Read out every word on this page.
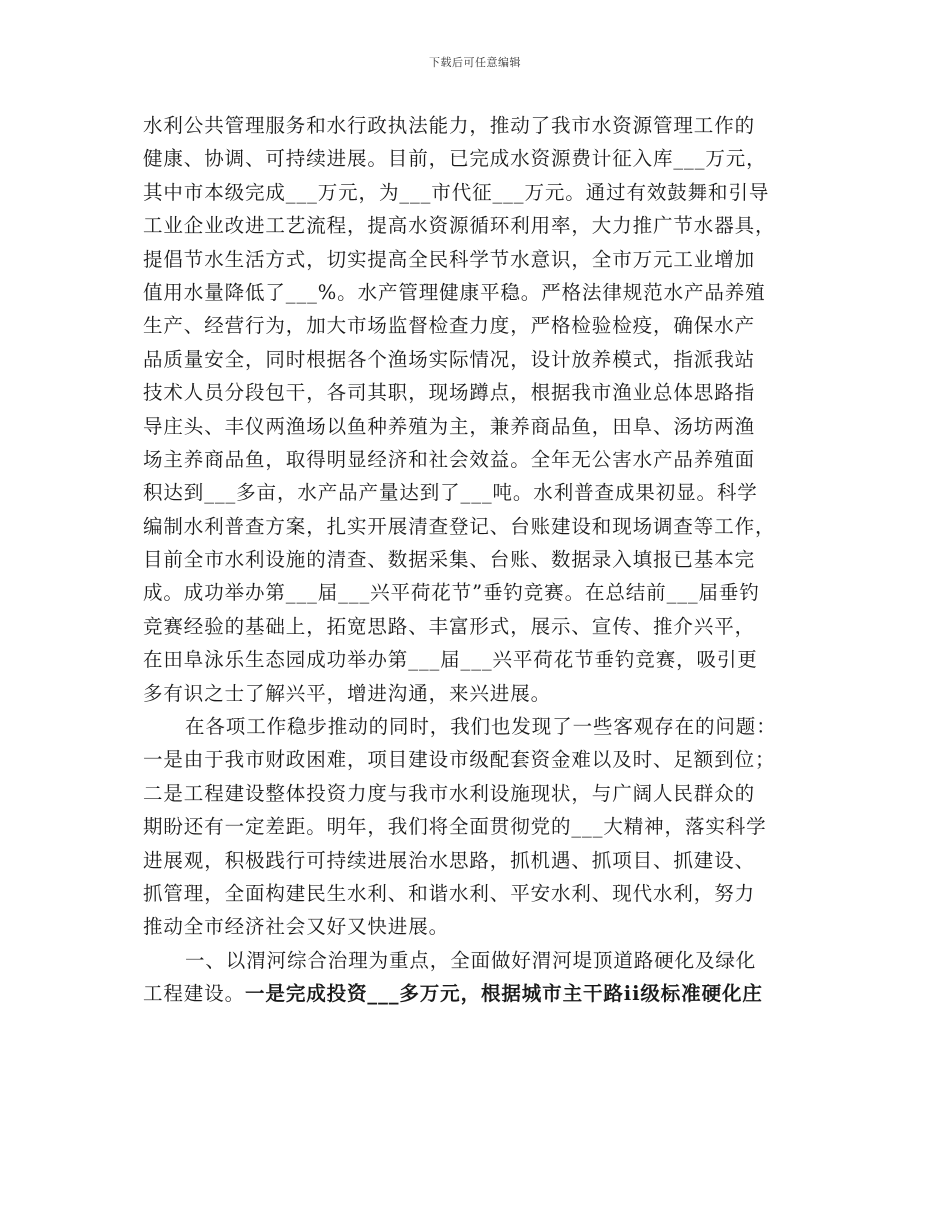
下载后可任意编辑
水利公共管理服务和水行政执法能力，推动了我市水资源管理工作的
健康、协调、可持续进展。目前，已完成水资源费计征入库___万元，
其中市本级完成___万元，为___市代征___万元。通过有效鼓舞和引导
工业企业改进工艺流程，提高水资源循环利用率，大力推广节水器具，
提倡节水生活方式，切实提高全民科学节水意识，全市万元工业增加
值用水量降低了___%。水产管理健康平稳。严格法律规范水产品养殖
生产、经营行为，加大市场监督检查力度，严格检验检疫，确保水产
品质量安全，同时根据各个渔场实际情况，设计放养模式，指派我站
技术人员分段包干，各司其职，现场蹲点，根据我市渔业总体思路指
导庄头、丰仪两渔场以鱼种养殖为主，兼养商品鱼，田阜、汤坊两渔
场主养商品鱼，取得明显经济和社会效益。全年无公害水产品养殖面
积达到___多亩，水产品产量达到了___吨。水利普查成果初显。科学
编制水利普查方案，扎实开展清查登记、台账建设和现场调查等工作，
目前全市水利设施的清查、数据采集、台账、数据录入填报已基本完
成。成功举办第___届___兴平荷花节”垂钓竞赛。在总结前___届垂钓
竞赛经验的基础上，拓宽思路、丰富形式，展示、宣传、推介兴平，
在田阜泳乐生态园成功举办第___届___兴平荷花节垂钓竞赛，吸引更
多有识之士了解兴平，增进沟通，来兴进展。
在各项工作稳步推动的同时，我们也发现了一些客观存在的问题：
一是由于我市财政困难，项目建设市级配套资金难以及时、足额到位；
二是工程建设整体投资力度与我市水利设施现状，与广阔人民群众的
期盼还有一定差距。明年，我们将全面贯彻党的___大精神，落实科学
进展观，积极践行可持续进展治水思路，抓机遇、抓项目、抓建设、
抓管理，全面构建民生水利、和谐水利、平安水利、现代水利，努力
推动全市经济社会又好又快进展。
一、以渭河综合治理为重点，全面做好渭河堤顶道路硬化及绿化
工程建设。一是完成投资___多万元，根据城市主干路ii级标准硬化庄
